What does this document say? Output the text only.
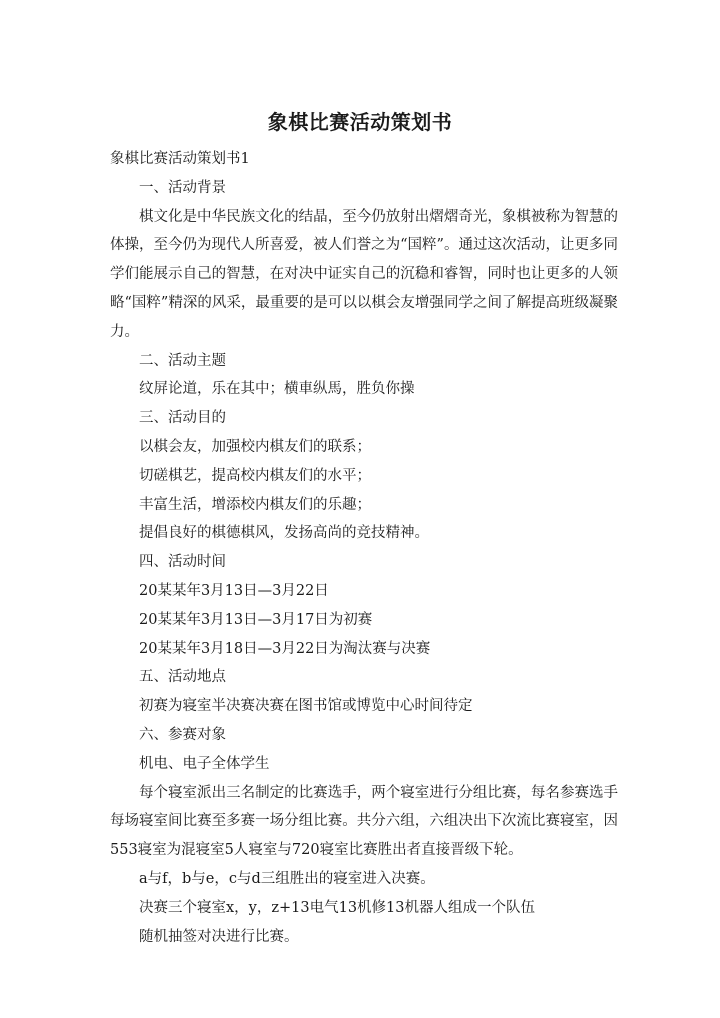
象棋比赛活动策划书

象棋比赛活动策划书1

一、活动背景

棋文化是中华民族文化的结晶，至今仍放射出熠熠奇光，象棋被称为智慧的体操，至今仍为现代人所喜爱，被人们誉之为“国粹”。通过这次活动，让更多同学们能展示自己的智慧，在对决中证实自己的沉稳和睿智，同时也让更多的人领略“国粹”精深的风采，最重要的是可以以棋会友增强同学之间了解提高班级凝聚力。

二、活动主题

纹屏论道，乐在其中；横車纵馬，胜负你操

三、活动目的

以棋会友，加强校内棋友们的联系；

切磋棋艺，提高校内棋友们的水平；

丰富生活，增添校内棋友们的乐趣；

提倡良好的棋德棋风，发扬高尚的竞技精神。

四、活动时间

20某某年3月13日—3月22日

20某某年3月13日—3月17日为初赛

20某某年3月18日—3月22日为淘汰赛与决赛

五、活动地点

初赛为寝室半决赛决赛在图书馆或博览中心时间待定

六、参赛对象

机电、电子全体学生

每个寝室派出三名制定的比赛选手，两个寝室进行分组比赛，每名参赛选手每场寝室间比赛至多赛一场分组比赛。共分六组，六组决出下次流比赛寝室，因553寝室为混寝室5人寝室与720寝室比赛胜出者直接晋级下轮。

a与f，b与e，c与d三组胜出的寝室进入决赛。

决赛三个寝室x，y，z+13电气13机修13机器人组成一个队伍

随机抽签对决进行比赛。
